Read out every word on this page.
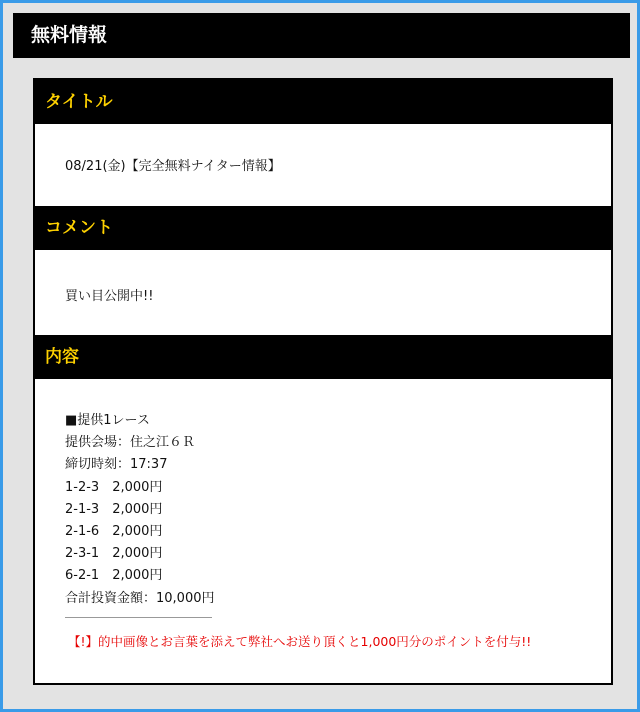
無料情報
タイトル
08/21(金)【完全無料ナイター情報】
コメント
買い目公開中!!
内容
■提供1レース
提供会場：住之江６Ｒ
締切時刻：17:37
1-2-3　2,000円
2-1-3　2,000円
2-1-6　2,000円
2-3-1　2,000円
6-2-1　2,000円
合計投資金額：10,000円
【!】的中画像とお言葉を添えて弊社へお送り頂くと1,000円分のポイントを付与!!
